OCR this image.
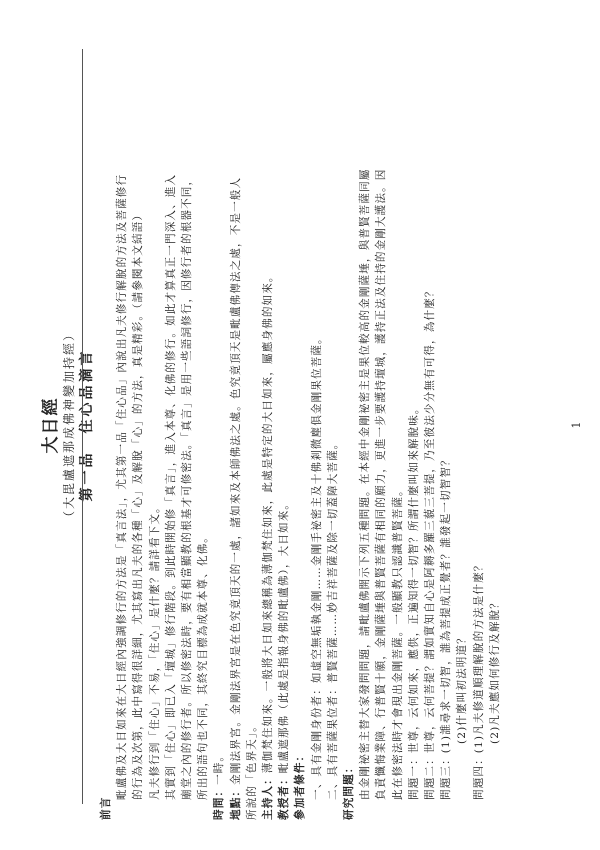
大日經 （大毘盧遮那成佛神變加持經） 第一品　住心品滴言
前言
毗盧佛及大日如來在大日經內強調修行的方法是「真言法」，尤其第一品「住心品」內說出凡夫修行解脫的方法及菩薩修行 的行為及次第，此中寫得很詳細，尤其寫出凡夫的各種「心」及解脫「心」的方法，真是精彩。（請參閱本文結語） 凡夫修行到「住心」不易，「住心」是什麼？請詳看下文。 其實到「住心」即已入「壇城」修行階段。到此時開始修「真言」，進入本尊、化佛的修行。如此才算真正一門深入、進入 廟堂之內的修行者。所以修密法時，要有相當顯教的根基才可修密法。「真言」是用一些語詞修行，因修行者的根器不同， 所出的語句也不同，其終究目標為成就本尊、化佛。
時間：一時。
地點：金剛法界宮。金剛法界宮是在色究竟頂天的一處，諸如來及本師佛法之處。色究竟頂天是毗盧佛傳法之處，不是一般人 所說的「色界天」。 主持人：薄伽梵住如來。一般將大日如來總稱為薄伽梵住如來，此處是特定的大日如來，屬應身佛的如來。
教授者：毗盧遮那佛（此處是指報身佛的毗盧佛），大日如來。
參加者條件： 一、具有金剛身份者：如虛空無垢執金剛……金剛手祕密主及十佛剎微塵俱金剛果位菩薩。 二、具有菩薩果位者：普賢菩薩……妙吉祥菩薩及除一切蓋障大菩薩。 研究問題： 由金剛祕密主替大家發問問題，請毗盧佛開示下列五種問題。在本經中金剛祕密主是果位較高的金剛薩埵，與普賢菩薩同屬 負責懺悔業障、行普賢十願，金剛薩埵與普賢菩薩有相同的願力，更進一步要護持壇城，護持正法及住持的金剛大護法。因 此在修密法時才會現出金剛菩薩。一般顯教只認識普賢菩薩。 問題一：世尊，云何如來，應供，正遍知得一切智？所謂什麼叫如來解脫味。 問題二：世尊，云何菩提？謂如實知自心是阿耨多羅三藐三菩提，乃至彼法少分無有可得，為什麼？ 問題三：(1)誰尋求一切智，誰為菩提成正覺者？誰發起一切智智？ (2)什麼叫初法明道？ 問題四：(1)凡夫修道順理解脫的方法是什麼？ (2)凡夫應如何修行及解脫？
1
